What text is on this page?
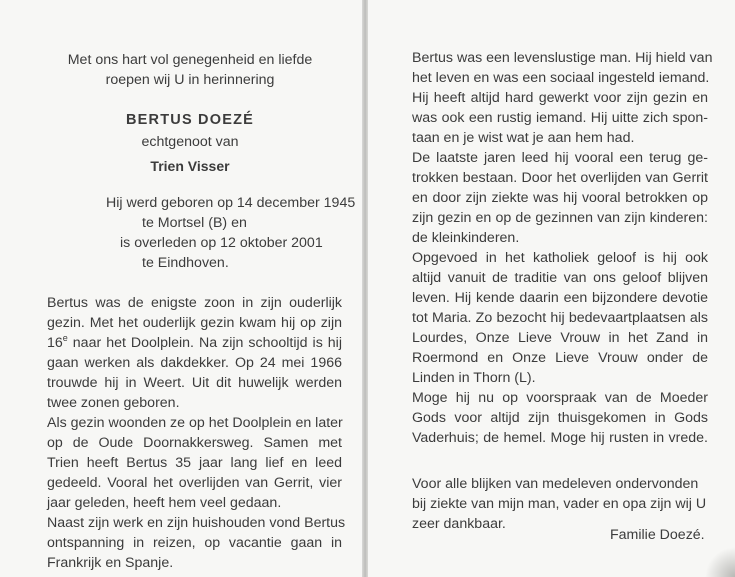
Met ons hart vol genegenheid en liefde
roepen wij U in herinnering
BERTUS DOEZÉ
echtgenoot van
Trien Visser
Hij werd geboren op 14 december 1945
te Mortsel (B) en
is overleden op 12 oktober 2001
te Eindhoven.
Bertus was de enigste zoon in zijn ouderlijk
gezin. Met het ouderlijk gezin kwam hij op zijn
16e naar het Doolplein. Na zijn schooltijd is hij
gaan werken als dakdekker. Op 24 mei 1966
trouwde hij in Weert. Uit dit huwelijk werden
twee zonen geboren.
Als gezin woonden ze op het Doolplein en later
op de Oude Doornakkersweg. Samen met
Trien heeft Bertus 35 jaar lang lief en leed
gedeeld. Vooral het overlijden van Gerrit, vier
jaar geleden, heeft hem veel gedaan.
Naast zijn werk en zijn huishouden vond Bertus
ontspanning in reizen, op vacantie gaan in
Frankrijk en Spanje.
Bertus was een levenslustige man. Hij hield van
het leven en was een sociaal ingesteld iemand.
Hij heeft altijd hard gewerkt voor zijn gezin en
was ook een rustig iemand. Hij uitte zich spon-
taan en je wist wat je aan hem had.
De laatste jaren leed hij vooral een terug ge-
trokken bestaan. Door het overlijden van Gerrit
en door zijn ziekte was hij vooral betrokken op
zijn gezin en op de gezinnen van zijn kinderen:
de kleinkinderen.
Opgevoed in het katholiek geloof is hij ook
altijd vanuit de traditie van ons geloof blijven
leven. Hij kende daarin een bijzondere devotie
tot Maria. Zo bezocht hij bedevaartplaatsen als
Lourdes, Onze Lieve Vrouw in het Zand in
Roermond en Onze Lieve Vrouw onder de
Linden in Thorn (L).
Moge hij nu op voorspraak van de Moeder
Gods voor altijd zijn thuisgekomen in Gods
Vaderhuis; de hemel. Moge hij rusten in vrede.
Voor alle blijken van medeleven ondervonden
bij ziekte van mijn man, vader en opa zijn wij U
zeer dankbaar.
Familie Doezé.
